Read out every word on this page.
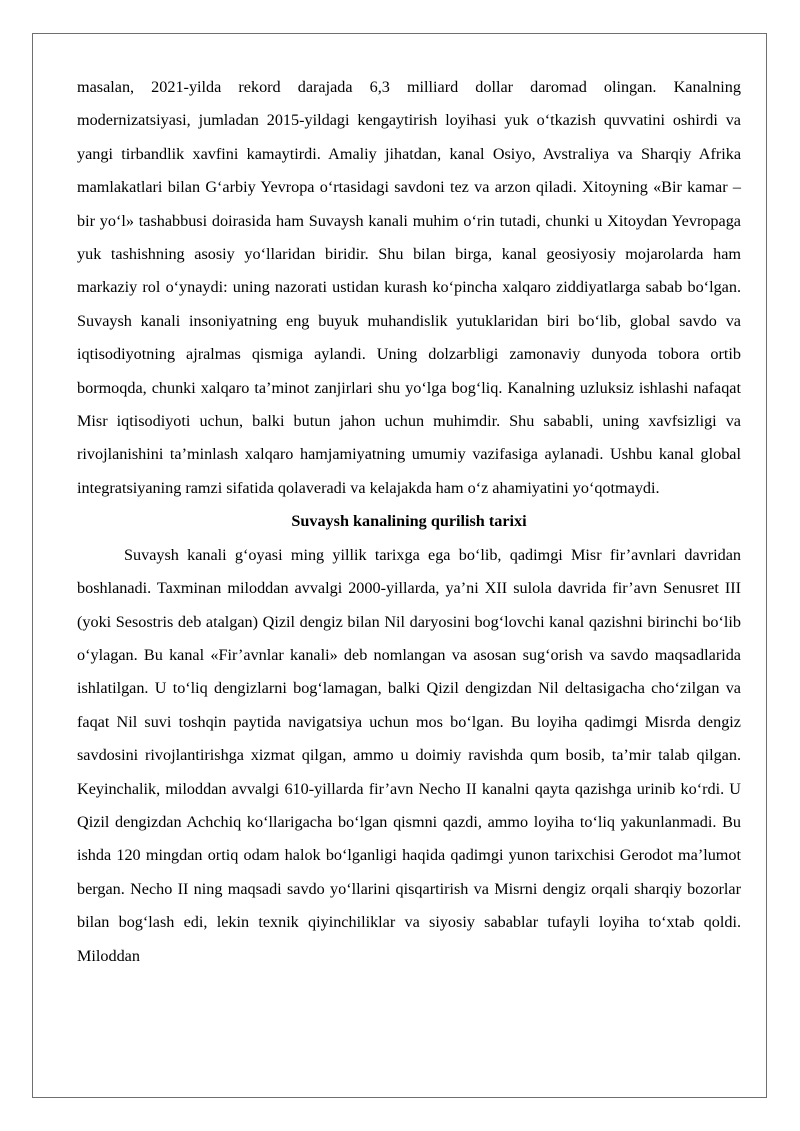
masalan, 2021-yilda rekord darajada 6,3 milliard dollar daromad olingan. Kanalning modernizatsiyasi, jumladan 2015-yildagi kengaytirish loyihasi yuk o‘tkazish quvvatini oshirdi va yangi tirbandlik xavfini kamaytirdi. Amaliy jihatdan, kanal Osiyo, Avstraliya va Sharqiy Afrika mamlakatlari bilan G‘arbiy Yevropa o‘rtasidagi savdoni tez va arzon qiladi. Xitoyning «Bir kamar – bir yo‘l» tashabbusi doirasida ham Suvaysh kanali muhim o‘rin tutadi, chunki u Xitoydan Yevropaga yuk tashishning asosiy yo‘llaridan biridir. Shu bilan birga, kanal geosiyosiy mojarolarda ham markaziy rol o‘ynaydi: uning nazorati ustidan kurash ko‘pincha xalqaro ziddiyatlarga sabab bo‘lgan. Suvaysh kanali insoniyatning eng buyuk muhandislik yutuklaridan biri bo‘lib, global savdo va iqtisodiyotning ajralmas qismiga aylandi. Uning dolzarbligi zamonaviy dunyoda tobora ortib bormoqda, chunki xalqaro ta’minot zanjirlari shu yo‘lga bog‘liq. Kanalning uzluksiz ishlashi nafaqat Misr iqtisodiyoti uchun, balki butun jahon uchun muhimdir. Shu sababli, uning xavfsizligi va rivojlanishini ta’minlash xalqaro hamjamiyatning umumiy vazifasiga aylanadi. Ushbu kanal global integratsiyaning ramzi sifatida qolaveradi va kelajakda ham o‘z ahamiyatini yo‘qotmaydi.

Suvaysh kanalining qurilish tarixi

Suvaysh kanali g‘oyasi ming yillik tarixga ega bo‘lib, qadimgi Misr fir’avnlari davridan boshlanadi. Taxminan miloddan avvalgi 2000-yillarda, ya’ni XII sulola davrida fir’avn Senusret III (yoki Sesostris deb atalgan) Qizil dengiz bilan Nil daryosini bog‘lovchi kanal qazishni birinchi bo‘lib o‘ylagan. Bu kanal «Fir’avnlar kanali» deb nomlangan va asosan sug‘orish va savdo maqsadlarida ishlatilgan. U to‘liq dengizlarni bog‘lamagan, balki Qizil dengizdan Nil deltasigacha cho‘zilgan va faqat Nil suvi toshqin paytida navigatsiya uchun mos bo‘lgan. Bu loyiha qadimgi Misrda dengiz savdosini rivojlantirishga xizmat qilgan, ammo u doimiy ravishda qum bosib, ta’mir talab qilgan. Keyinchalik, miloddan avvalgi 610-yillarda fir’avn Necho II kanalni qayta qazishga urinib ko‘rdi. U Qizil dengizdan Achchiq ko‘llarigacha bo‘lgan qismni qazdi, ammo loyiha to‘liq yakunlanmadi. Bu ishda 120 mingdan ortiq odam halok bo‘lganligi haqida qadimgi yunon tarixchisi Gerodot ma’lumot bergan. Necho II ning maqsadi savdo yo‘llarini qisqartirish va Misrni dengiz orqali sharqiy bozorlar bilan bog‘lash edi, lekin texnik qiyinchiliklar va siyosiy sabablar tufayli loyiha to‘xtab qoldi. Miloddan
